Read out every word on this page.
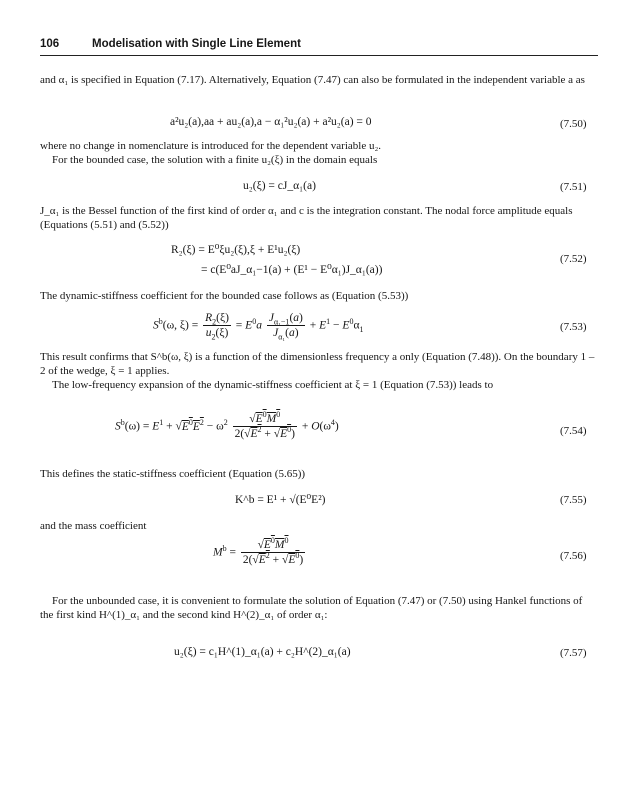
106	Modelisation with Single Line Element

and α₁ is specified in Equation (7.17). Alternatively, Equation (7.47) can also be formulated in the independent variable a as

a²u₂(a),aa + au₂(a),a − α₁²u₂(a) + a²u₂(a) = 0	(7.50)

where no change in nomenclature is introduced for the dependent variable u₂.

For the bounded case, the solution with a finite u₂(ξ) in the domain equals

u₂(ξ) = cJ_α₁(a)	(7.51)

J_α₁ is the Bessel function of the first kind of order α₁ and c is the integration constant. The nodal force amplitude equals (Equations (5.51) and (5.52))

R₂(ξ) = E⁰ξu₂(ξ),ξ + E¹u₂(ξ)
= c(E⁰aJ_α₁−1(a) + (E¹ − E⁰α₁)J_α₁(a))
(7.52)

The dynamic-stiffness coefficient for the bounded case follows as (Equation (5.53))

$S^b(\omega$, $\xi) = \frac{R_2(\xi)}{u_2(\xi)} = E^0a \frac{J_{\alpha_1-1}(a)}{J_{\alpha_1}(a)} + E^1 - E^0\alpha_1$	(7.53)

This result confirms that S^b(ω, ξ) is a function of the dimensionless frequency a only (Equation (7.48)). On the boundary 1 – 2 of the wedge, ξ = 1 applies.

The low-frequency expansion of the dynamic-stiffness coefficient at ξ = 1 (Equation (7.53)) leads to

$S^b(\omega) = E^1 + √E^0E^2 - \omega^2 \frac{√E^0M^0}{2(√E^2 + √E^0)} + O(\omega^4)$	(7.54)

This defines the static-stiffness coefficient (Equation (5.65))

K^b = E¹ + √(E⁰E²)	(7.55)

and the mass coefficient

$M^b = \frac{√E^0M^0}{2(√E^2 + √E^0)}$	(7.56)

For the unbounded case, it is convenient to formulate the solution of Equation (7.47) or (7.50) using Hankel functions of the first kind H^(1)_α₁ and the second kind H^(2)_α₁ of order α₁:

u₂(ξ) = c₁H^(1)_α₁(a) + c₂H^(2)_α₁(a)	(7.57)
